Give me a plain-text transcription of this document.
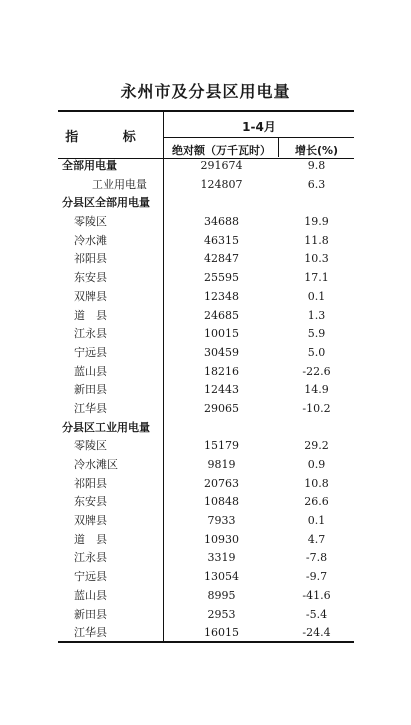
永州市及分县区用电量
指 标
1-4月
绝对额（万千瓦时）	增长(%)
全部用电量	291674	9.8
工业用电量	124807	6.3
分县区全部用电量
零陵区	34688	19.9
冷水滩	46315	11.8
祁阳县	42847	10.3
东安县	25595	17.1
双牌县	12348	0.1
道　县	24685	1.3
江永县	10015	5.9
宁远县	30459	5.0
蓝山县	18216	-22.6
新田县	12443	14.9
江华县	29065	-10.2
分县区工业用电量
零陵区	15179	29.2
冷水滩区	9819	0.9
祁阳县	20763	10.8
东安县	10848	26.6
双牌县	7933	0.1
道　县	10930	4.7
江永县	3319	-7.8
宁远县	13054	-9.7
蓝山县	8995	-41.6
新田县	2953	-5.4
江华县	16015	-24.4
